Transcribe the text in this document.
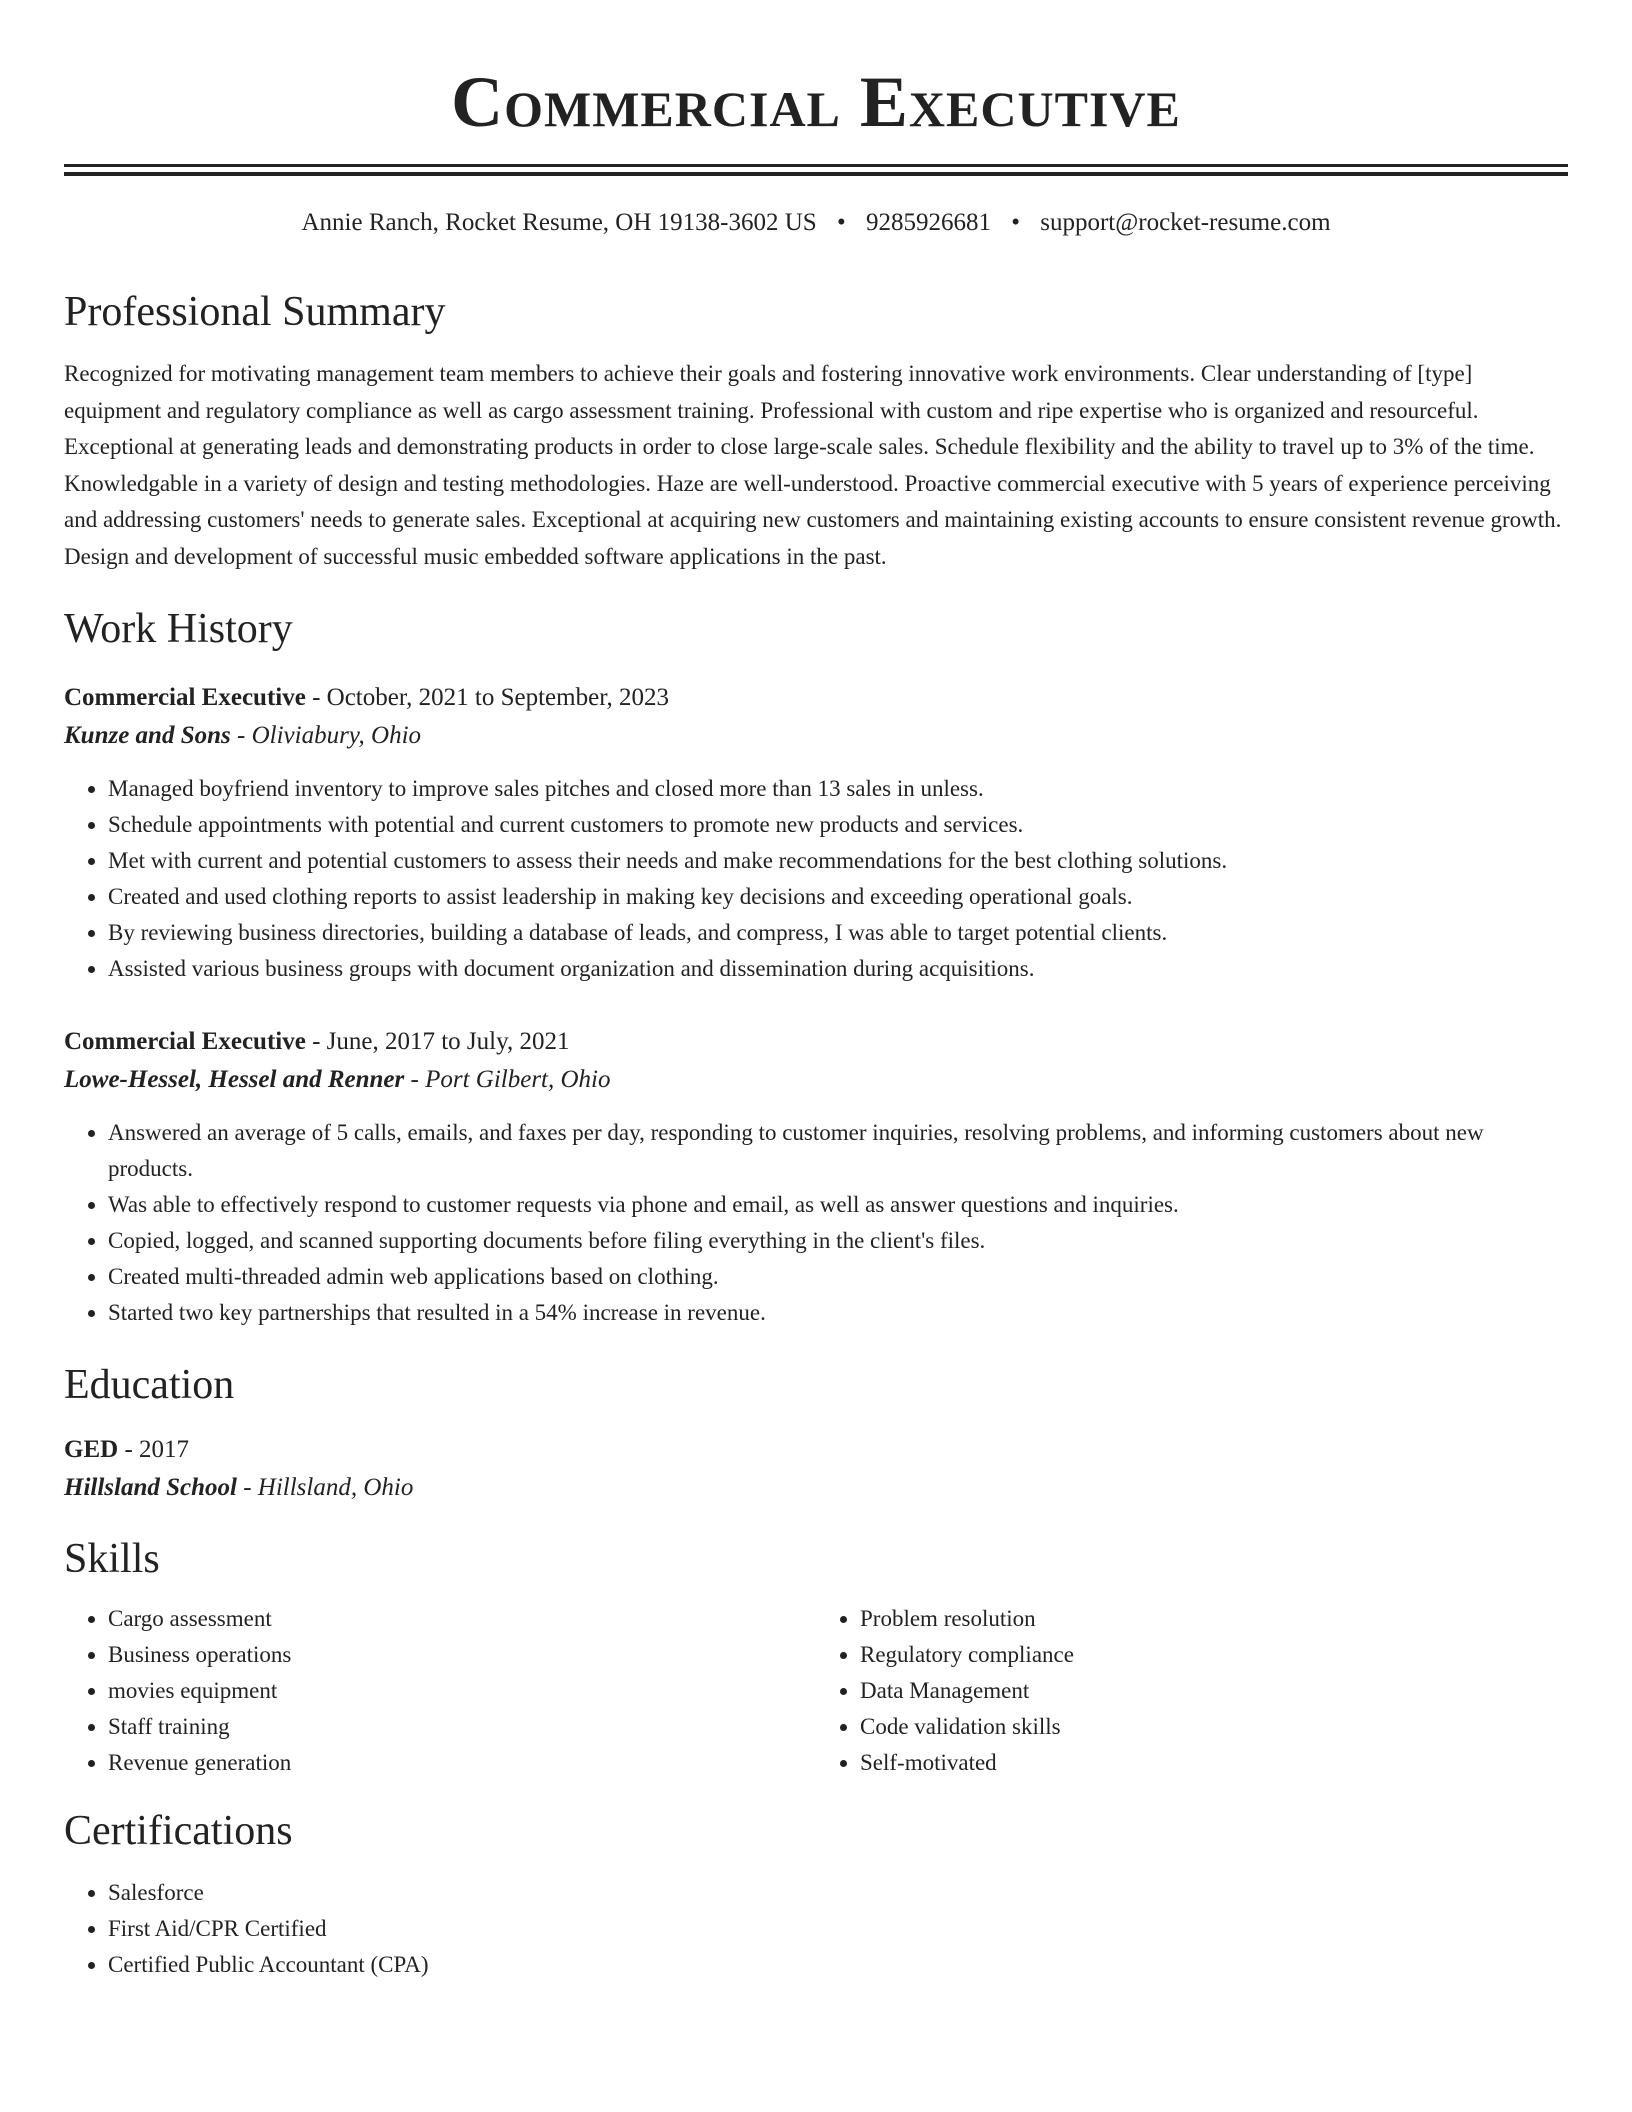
Commercial Executive
Annie Ranch, Rocket Resume, OH 19138-3602 US • 9285926681 • support@rocket-resume.com
Professional Summary

Recognized for motivating management team members to achieve their goals and fostering innovative work environments. Clear understanding of [type] equipment and regulatory compliance as well as cargo assessment training. Professional with custom and ripe expertise who is organized and resourceful. Exceptional at generating leads and demonstrating products in order to close large-scale sales. Schedule flexibility and the ability to travel up to 3% of the time. Knowledgable in a variety of design and testing methodologies. Haze are well-understood. Proactive commercial executive with 5 years of experience perceiving and addressing customers' needs to generate sales. Exceptional at acquiring new customers and maintaining existing accounts to ensure consistent revenue growth. Design and development of successful music embedded software applications in the past.

Work History
Commercial Executive - October, 2021 to September, 2023
Kunze and Sons - Oliviabury, Ohio
• Managed boyfriend inventory to improve sales pitches and closed more than 13 sales in unless.
• Schedule appointments with potential and current customers to promote new products and services.
• Met with current and potential customers to assess their needs and make recommendations for the best clothing solutions.
• Created and used clothing reports to assist leadership in making key decisions and exceeding operational goals.
• By reviewing business directories, building a database of leads, and compress, I was able to target potential clients.
• Assisted various business groups with document organization and dissemination during acquisitions.
Commercial Executive - June, 2017 to July, 2021
Lowe-Hessel, Hessel and Renner - Port Gilbert, Ohio
• Answered an average of 5 calls, emails, and faxes per day, responding to customer inquiries, resolving problems, and informing customers about new products.
• Was able to effectively respond to customer requests via phone and email, as well as answer questions and inquiries.
• Copied, logged, and scanned supporting documents before filing everything in the client's files.
• Created multi-threaded admin web applications based on clothing.
• Started two key partnerships that resulted in a 54% increase in revenue.
Education
GED - 2017
Hillsland School - Hillsland, Ohio
Skills
• Cargo assessment
• Business operations
• movies equipment
• Staff training
• Revenue generation
• Problem resolution
• Regulatory compliance
• Data Management
• Code validation skills
• Self-motivated
Certifications
• Salesforce
• First Aid/CPR Certified
• Certified Public Accountant (CPA)
